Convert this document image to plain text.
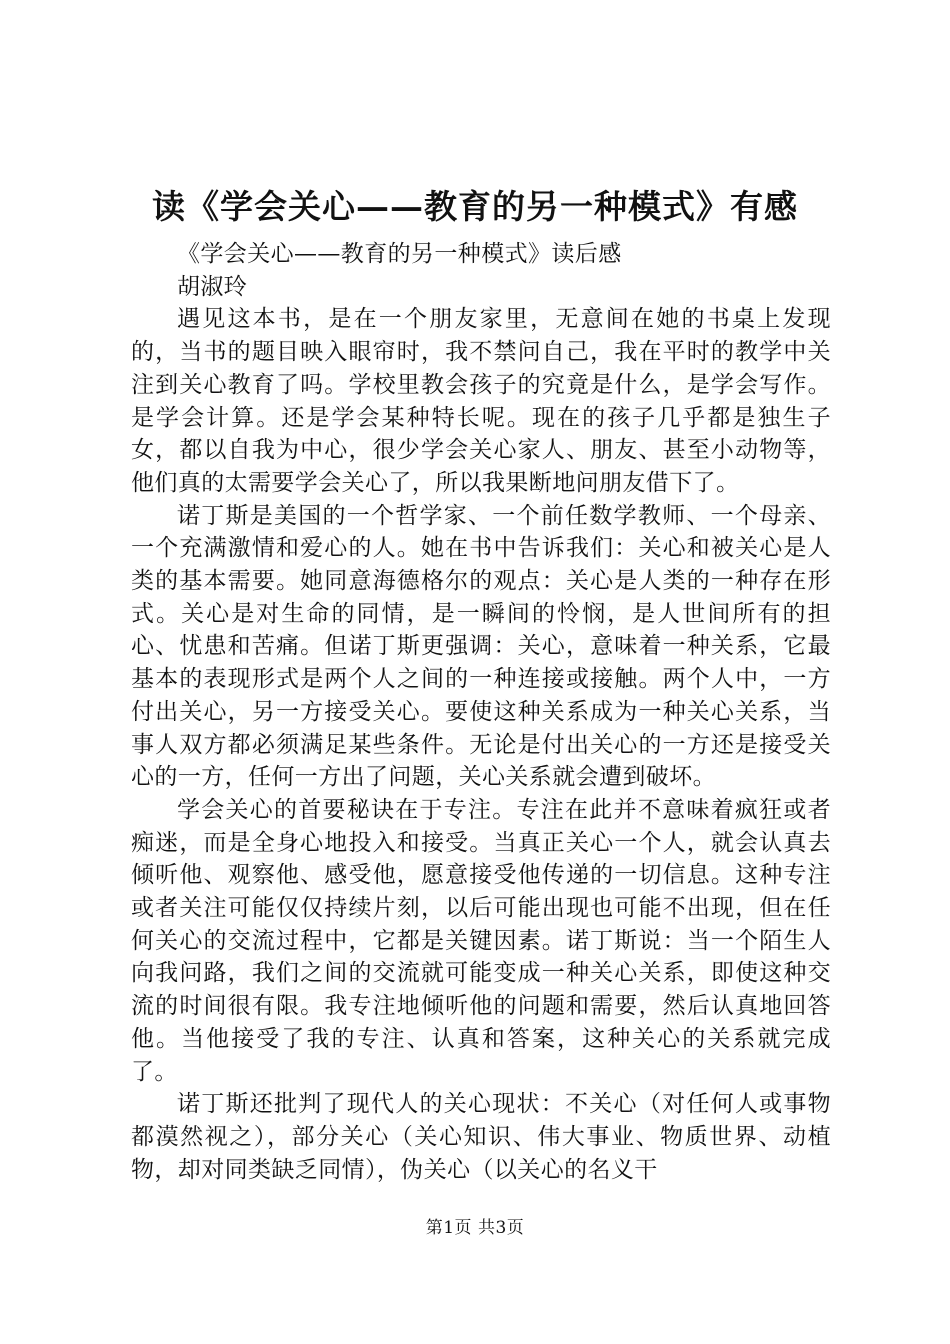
读《学会关心——教育的另一种模式》有感
《学会关心——教育的另一种模式》读后感
胡淑玲

遇见这本书，是在一个朋友家里，无意间在她的书桌上发现的，当书的题目映入眼帘时，我不禁问自己，我在平时的教学中关注到关心教育了吗。学校里教会孩子的究竟是什么，是学会写作。是学会计算。还是学会某种特长呢。现在的孩子几乎都是独生子女，都以自我为中心，很少学会关心家人、朋友、甚至小动物等，他们真的太需要学会关心了，所以我果断地问朋友借下了。

诺丁斯是美国的一个哲学家、一个前任数学教师、一个母亲、一个充满激情和爱心的人。她在书中告诉我们：关心和被关心是人类的基本需要。她同意海德格尔的观点：关心是人类的一种存在形式。关心是对生命的同情，是一瞬间的怜悯，是人世间所有的担心、忧患和苦痛。但诺丁斯更强调：关心，意味着一种关系，它最基本的表现形式是两个人之间的一种连接或接触。两个人中，一方付出关心，另一方接受关心。要使这种关系成为一种关心关系，当事人双方都必须满足某些条件。无论是付出关心的一方还是接受关心的一方，任何一方出了问题，关心关系就会遭到破坏。

学会关心的首要秘诀在于专注。专注在此并不意味着疯狂或者痴迷，而是全身心地投入和接受。当真正关心一个人，就会认真去倾听他、观察他、感受他，愿意接受他传递的一切信息。这种专注或者关注可能仅仅持续片刻，以后可能出现也可能不出现，但在任何关心的交流过程中，它都是关键因素。诺丁斯说：当一个陌生人向我问路，我们之间的交流就可能变成一种关心关系，即使这种交流的时间很有限。我专注地倾听他的问题和需要，然后认真地回答他。当他接受了我的专注、认真和答案，这种关心的关系就完成了。

诺丁斯还批判了现代人的关心现状：不关心（对任何人或事物都漠然视之），部分关心（关心知识、伟大事业、物质世界、动植物，却对同类缺乏同情），伪关心（以关心的名义干

第1页 共3页
